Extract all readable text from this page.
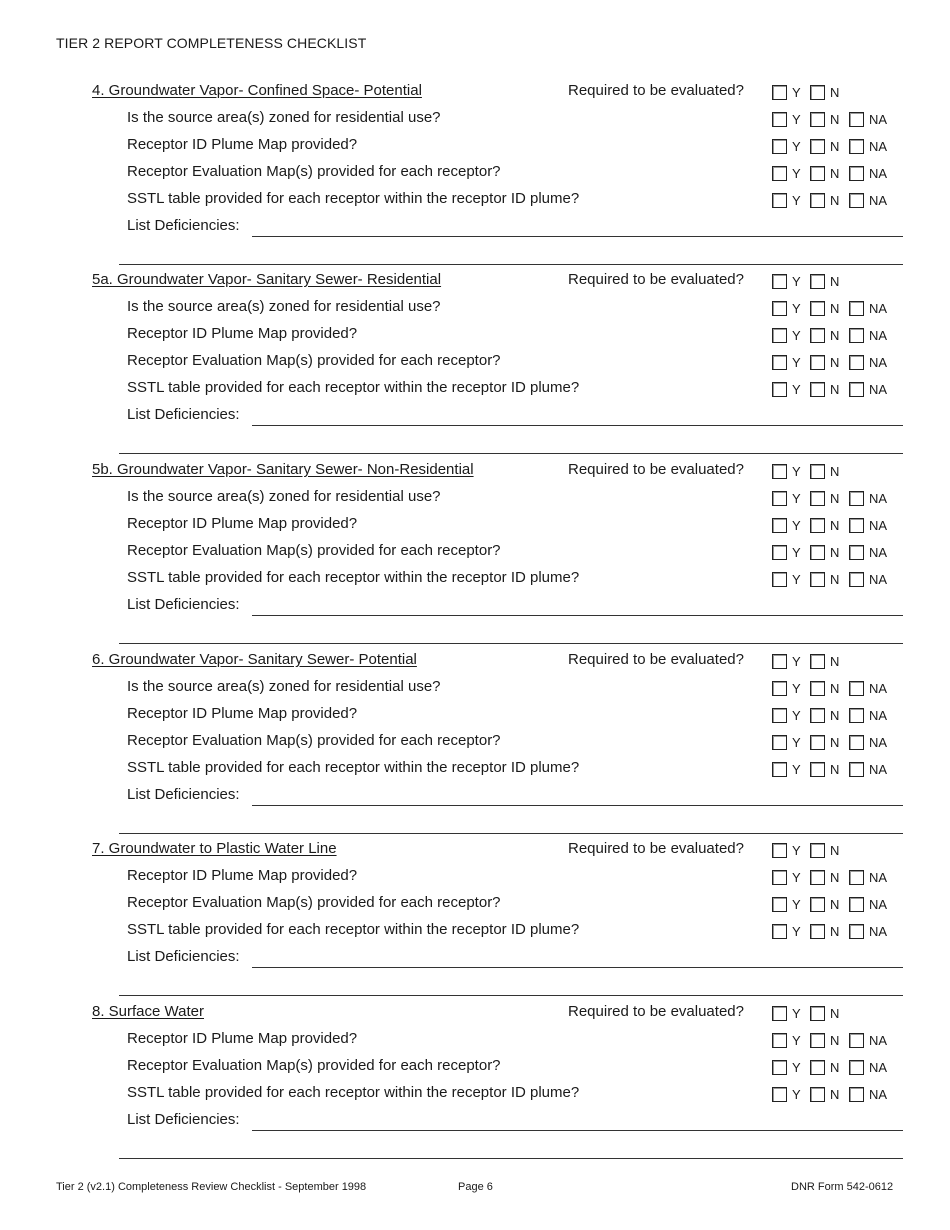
TIER 2 REPORT COMPLETENESS CHECKLIST
4. Groundwater Vapor- Confined Space- Potential	Required to be evaluated?	Y N
Is the source area(s) zoned for residential use?	Y N NA
Receptor ID Plume Map provided?	Y N NA
Receptor Evaluation Map(s) provided for each receptor?	Y N NA
SSTL table provided for each receptor within the receptor ID plume?	Y N NA
List Deficiencies:
5a. Groundwater Vapor- Sanitary Sewer- Residential	Required to be evaluated?	Y N
Is the source area(s) zoned for residential use?	Y N NA
Receptor ID Plume Map provided?	Y N NA
Receptor Evaluation Map(s) provided for each receptor?	Y N NA
SSTL table provided for each receptor within the receptor ID plume?	Y N NA
List Deficiencies:
5b. Groundwater Vapor- Sanitary Sewer- Non-Residential	Required to be evaluated?	Y N
Is the source area(s) zoned for residential use?	Y N NA
Receptor ID Plume Map provided?	Y N NA
Receptor Evaluation Map(s) provided for each receptor?	Y N NA
SSTL table provided for each receptor within the receptor ID plume?	Y N NA
List Deficiencies:
6. Groundwater Vapor- Sanitary Sewer- Potential	Required to be evaluated?	Y N
Is the source area(s) zoned for residential use?	Y N NA
Receptor ID Plume Map provided?	Y N NA
Receptor Evaluation Map(s) provided for each receptor?	Y N NA
SSTL table provided for each receptor within the receptor ID plume?	Y N NA
List Deficiencies:
7. Groundwater to Plastic Water Line	Required to be evaluated?	Y N
Receptor ID Plume Map provided?	Y N NA
Receptor Evaluation Map(s) provided for each receptor?	Y N NA
SSTL table provided for each receptor within the receptor ID plume?	Y N NA
List Deficiencies:
8. Surface Water	Required to be evaluated?	Y N
Receptor ID Plume Map provided?	Y N NA
Receptor Evaluation Map(s) provided for each receptor?	Y N NA
SSTL table provided for each receptor within the receptor ID plume?	Y N NA
List Deficiencies:
Tier 2 (v2.1) Completeness Review Checklist - September 1998	Page 6	DNR Form 542-0612
